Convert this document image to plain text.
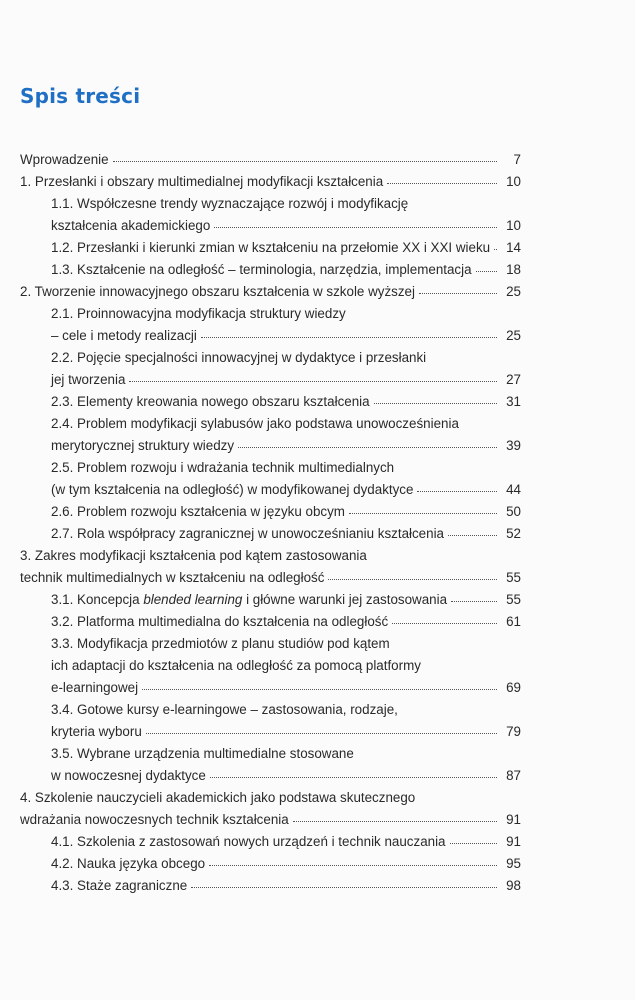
Spis treści
Wprowadzenie	7
1. Przesłanki i obszary multimedialnej modyfikacji kształcenia	10
1.1. Współczesne trendy wyznaczające rozwój i modyfikację
kształcenia akademickiego	10
1.2. Przesłanki i kierunki zmian w kształceniu na przełomie XX i XXI wieku	14
1.3. Kształcenie na odległość – terminologia, narzędzia, implementacja	18
2. Tworzenie innowacyjnego obszaru kształcenia w szkole wyższej	25
2.1. Proinnowacyjna modyfikacja struktury wiedzy
– cele i metody realizacji	25
2.2. Pojęcie specjalności innowacyjnej w dydaktyce i przesłanki
jej tworzenia	27
2.3. Elementy kreowania nowego obszaru kształcenia	31
2.4. Problem modyfikacji sylabusów jako podstawa unowocześnienia
merytorycznej struktury wiedzy	39
2.5. Problem rozwoju i wdrażania technik multimedialnych
(w tym kształcenia na odległość) w modyfikowanej dydaktyce	44
2.6. Problem rozwoju kształcenia w języku obcym	50
2.7. Rola współpracy zagranicznej w unowocześnianiu kształcenia	52
3. Zakres modyfikacji kształcenia pod kątem zastosowania
technik multimedialnych w kształceniu na odległość	55
3.1. Koncepcja blended learning i główne warunki jej zastosowania	55
3.2. Platforma multimedialna do kształcenia na odległość	61
3.3. Modyfikacja przedmiotów z planu studiów pod kątem
ich adaptacji do kształcenia na odległość za pomocą platformy
e-learningowej	69
3.4. Gotowe kursy e-learningowe – zastosowania, rodzaje,
kryteria wyboru	79
3.5. Wybrane urządzenia multimedialne stosowane
w nowoczesnej dydaktyce	87
4. Szkolenie nauczycieli akademickich jako podstawa skutecznego
wdrażania nowoczesnych technik kształcenia	91
4.1. Szkolenia z zastosowań nowych urządzeń i technik nauczania	91
4.2. Nauka języka obcego	95
4.3. Staże zagraniczne	98
